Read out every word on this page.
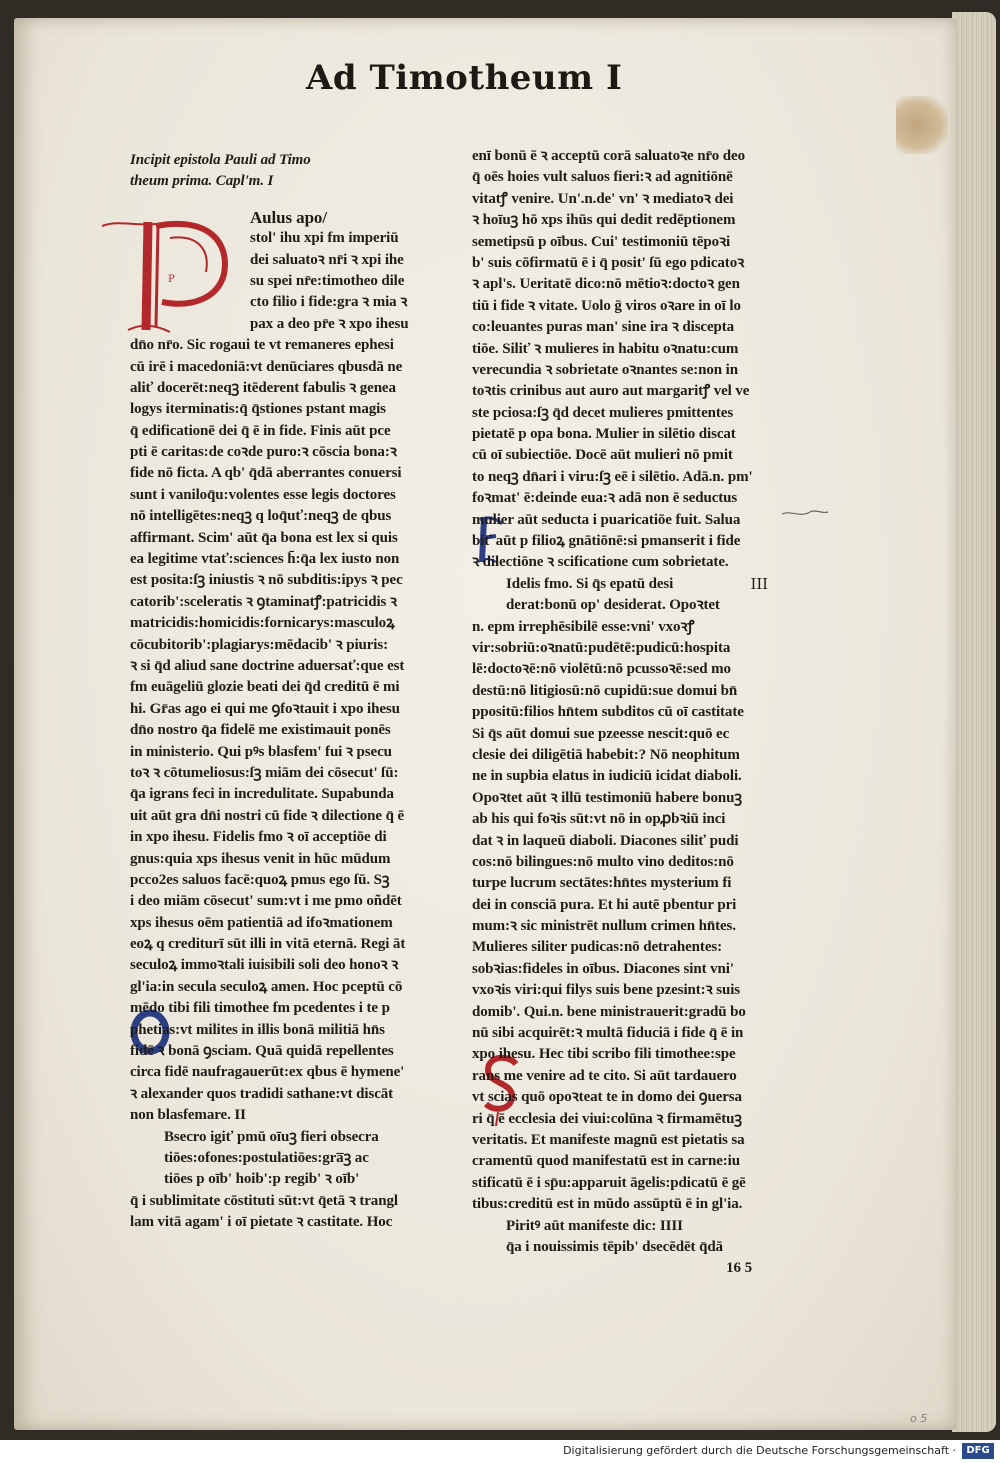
Ad Timotheum I
P
Incipit epistola Pauli ad Timo
theum prima. Capl'm. I
Aulus apo/
stol' ihu xpi fm imperiū
dei saluatoꝛ nr̄i ꝛ xpi ihe
su spei nr̄e:timotheo dile
cto filio i fide:gra ꝛ mia ꝛ
pax a deo pr̄e ꝛ xpo ihesu
dn̄o nr̄o. Sic rogaui te vt remaneres ephesi
cū irē i macedoniā:vt denūciares qbusdā ne
aliť docerēt:neqꝫ itēderent fabulis ꝛ genea
logys iterminatis:q̄ q̄stiones pstant magis
q̄ edificationē dei q̄ ē in fide. Finis aūt pce
pti ē caritas:de coꝛde puro:ꝛ cōscia bona:ꝛ
fide nō ficta. A qb' q̄dā aberrantes conuersi
sunt i vaniloq̄u:volentes esse legis doctores
nō intelligētes:neqꝫ q loq̄uť:neqꝫ de qbus
affirmant. Scim' aūt q̄a bona est lex si quis
ea legitime vtať:sciences h̄:q̄a lex iusto non
est posita:ſꝫ iniustis ꝛ nō subditis:ipys ꝛ pec
catorib':sceleratis ꝛ ꝯtaminatꝭ:patricidis ꝛ
matricidis:homicidis:fornicarys:masculoꝝ
cōcubitorib':plagiarys:mēdacib' ꝛ piuris:
ꝛ si q̄d aliud sane doctrine aduersať:que est
fm euāgeliū glozie beati dei q̄d creditū ē mi
hi. Gr̄as ago ei qui me ꝯfoꝛtauit i xpo ihesu
dn̄o nostro q̄a fidelē me existimauit ponēs
in ministerio. Qui pꝰs blasfem' fui ꝛ psecu
toꝛ ꝛ cōtumeliosus:ſꝫ miām dei cōsecut' ſū:
q̄a igrans feci in incredulitate. Supabunda
uit aūt gra dn̄i nostri cū fide ꝛ dilectione q̄ ē
in xpo ihesu. Fidelis fmo ꝛ oī acceptiōe di
gnus:quia xps ihesus venit in hūc mūdum
pcco2es saluos facē:quoꝝ pmus ego ſū. Sꝫ
i deo miām cōsecut' sum:vt i me pmo oñdēt
xps ihesus oēm patientiā ad ifoꝛmationem
eoꝝ q crediturī sūt illi in vitā eternā. Regi āt
seculoꝝ immoꝛtali iuisibili soli deo honoꝛ ꝛ
gl'ia:in secula seculoꝝ amen. Hoc pceptū cō
mēdo tibi fili timothee fm pcedentes i te p
phetias:vt milites in illis bonā militiā hn̄s
fidē ꝛ bonā ꝯsciam. Quā quidā repellentes
circa fidē naufragauerūt:ex qbus ē hymene'
ꝛ alexander quos tradidi sathane:vt discāt
non blasfemare. II
Bsecro igiť pmū oīuꝫ fieri obsecra
tiōes:ofones:postulatiōes:gra̅ꝫ ac
tiōes p oīb' hoib':p regib' ꝛ oīb'
q̄ i sublimitate cōstituti sūt:vt q̄etā ꝛ trangl
lam vitā agam' i oī pietate ꝛ castitate. Hoc
enī bonū ē ꝛ acceptū corā saluatoꝛe nr̄o deo
q̄ oēs hoies vult saluos fieri:ꝛ ad agnitiōnē
vitatꝭ venire. Un'.n.de' vn' ꝛ mediatoꝛ dei
ꝛ hoīuꝫ hō xps ihūs qui dedit redēptionem
semetipsū p oībus. Cui' testimoniū tēpoꝛi
b' suis cōfirmatū ē i q̄ posit' ſū ego pdicatoꝛ
ꝛ apl's. Ueritatē dico:nō mētioꝛ:doctoꝛ gen
tiū i fide ꝛ vitate. Uolo ḡ viros oꝛare in oī lo
co:leuantes puras man' sine ira ꝛ discepta
tiōe. Siliť ꝛ mulieres in habitu oꝛnatu:cum
verecundia ꝛ sobrietate oꝛnantes se:non in
toꝛtis crinibus aut auro aut margaritꝭ vel ve
ste pciosa:ſꝫ q̄d decet mulieres pmittentes
pietatē p opa bona. Mulier in silētio discat
cū oī subiectiōe. Docē aūt mulieri nō pmit
to neqꝫ dn̄ari i viru:ſꝫ eē i silētio. Adā.n. pm'
foꝛmat' ē:deinde eua:ꝛ adā non ē seductus
mulier aūt seducta i puaricatiōe fuit. Salua
biť aūt p filioꝝ gnātiōnē:si pmanserit i fide
ꝛ dilectiōne ꝛ scificatione cum sobrietate.
III
Idelis fmo. Si q̄s epatū desi
derat:bonū op' desiderat. Opoꝛtet
n. epm irrephēsibilē esse:vni' vxoꝛꝭ
vir:sobriū:oꝛnatū:pudētē:pudicū:hospita
lē:doctoꝛē:nō violētū:nō pcussoꝛē:sed mo
destū:nō litigiosū:nō cupidū:sue domui bn̄
ppositū:filios hn̄tem subditos cū oī castitate
Si q̄s aūt domui sue pzeesse nescit:quō ec
clesie dei diligētiā habebit:? Nō neophitum
ne in supbia elatus in iudiciū icidat diaboli.
Opoꝛtet aūt ꝛ illū testimoniū habere bonuꝫ
ab his qui foꝛis sūt:vt nō in opꝓbꝛiū inci
dat ꝛ in laqueū diaboli. Diacones siliť pudi
cos:nō bilingues:nō multo vino deditos:nō
turpe lucrum sectātes:hn̄tes mysterium fi
dei in consciā pura. Et hi autē pbentur pri
mum:ꝛ sic ministrēt nullum crimen hn̄tes.
Mulieres siliter pudicas:nō detrahentes:
sobꝛias:fideles in oībus. Diacones sint vni'
vxoꝛis viri:qui filys suis bene pzesint:ꝛ suis
domib'. Qui.n. bene ministrauerit:gradū bo
nū sibi acquirēt:ꝛ multā fiduciā i fide q̄ ē in
xpo ihesu. Hec tibi scribo fili timothee:spe
rans me venire ad te cito. Si aūt tardauero
vt scias quō opoꝛteat te in domo dei ꝯuersa
ri q̄ ē ecclesia dei viui:colūna ꝛ firmamētuꝫ
veritatis. Et manifeste magnū est pietatis sa
cramentū quod manifestatū est in carne:iu
stificatū ē i sp̄u:apparuit āgelis:pdicatū ē gē
tibus:creditū est in mūdo assūptū ē in gl'ia.
Piritꝰ aūt manifeste dic: IIII
q̄a i nouissimis tēpib' dsecēdēt q̄dā
16 5
o 5
Digitalisierung gefördert durch die Deutsche Forschungsgemeinschaft ·	DFG
